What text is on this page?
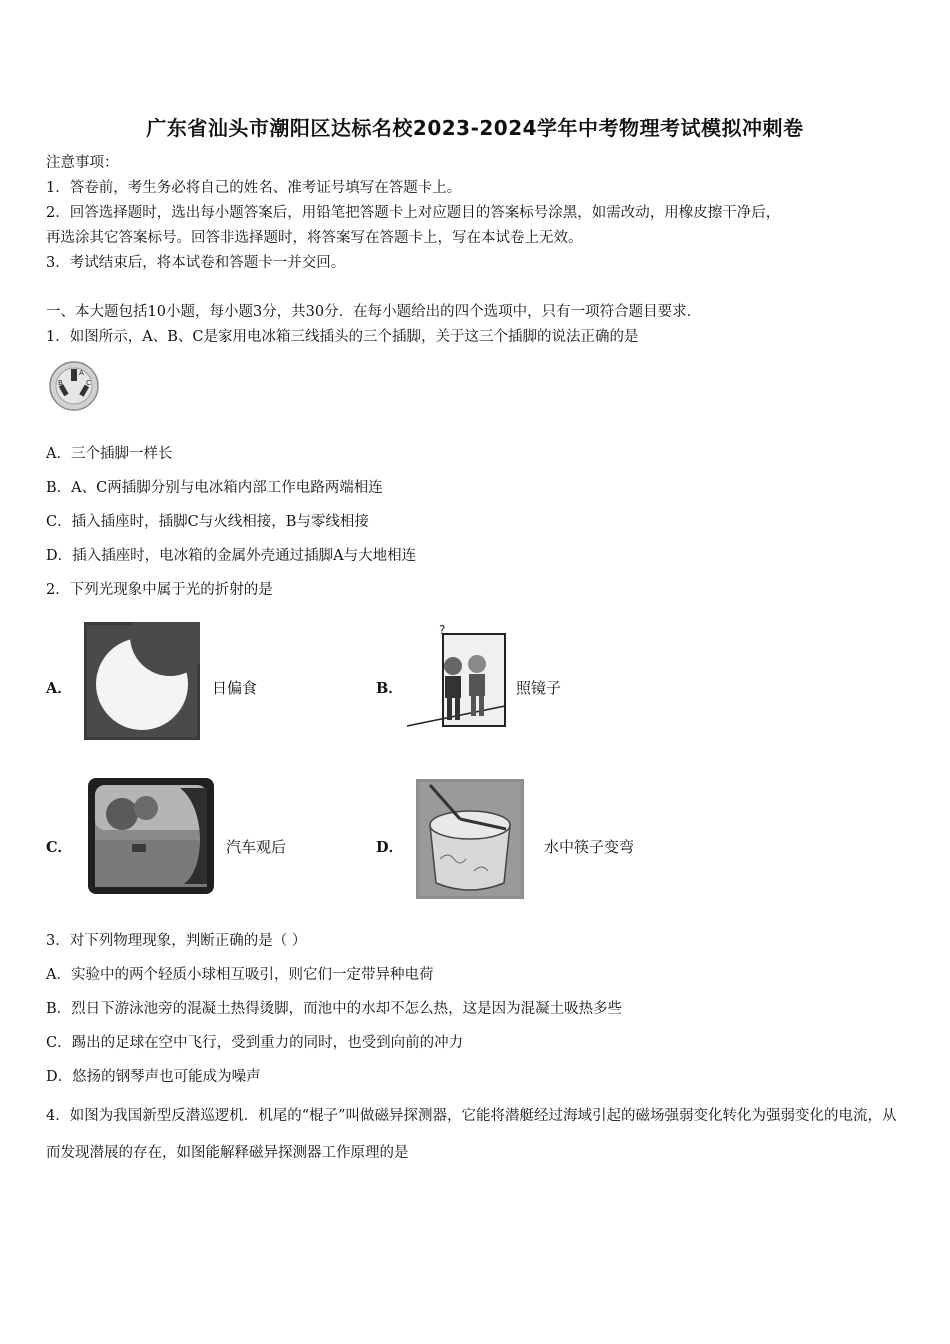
广东省汕头市潮阳区达标名校2023-2024学年中考物理考试模拟冲刺卷
注意事项：
1．答卷前，考生务必将自己的姓名、准考证号填写在答题卡上。
2．回答选择题时，选出每小题答案后，用铅笔把答题卡上对应题目的答案标号涂黑，如需改动，用橡皮擦干净后，
再选涂其它答案标号。回答非选择题时，将答案写在答题卡上，写在本试卷上无效。
3．考试结束后，将本试卷和答题卡一并交回。
一、本大题包括10小题，每小题3分，共30分．在每小题给出的四个选项中，只有一项符合题目要求．
1．如图所示，A、B、C是家用电冰箱三线插头的三个插脚，关于这三个插脚的说法正确的是
A
B	C
A．三个插脚一样长
B．A、C两插脚分别与电冰箱内部工作电路两端相连
C．插入插座时，插脚C与火线相接，B与零线相接
D．插入插座时，电冰箱的金属外壳通过插脚A与大地相连
2．下列光现象中属于光的折射的是
A．	日偏食	B．
?
照镜子
C．	汽车观后	D．	水中筷子变弯
3．对下列物理现象，判断正确的是（ ）
A．实验中的两个轻质小球相互吸引，则它们一定带异种电荷
B．烈日下游泳池旁的混凝土热得烫脚，而池中的水却不怎么热，这是因为混凝土吸热多些
C．踢出的足球在空中飞行，受到重力的同时，也受到向前的冲力
D．悠扬的钢琴声也可能成为噪声
4．如图为我国新型反潜巡逻机．机尾的“棍子”叫做磁异探测器，它能将潜艇经过海域引起的磁场强弱变化转化为强弱变化的电流，从而发现潜展的存在，如图能解释磁异探测器工作原理的是
